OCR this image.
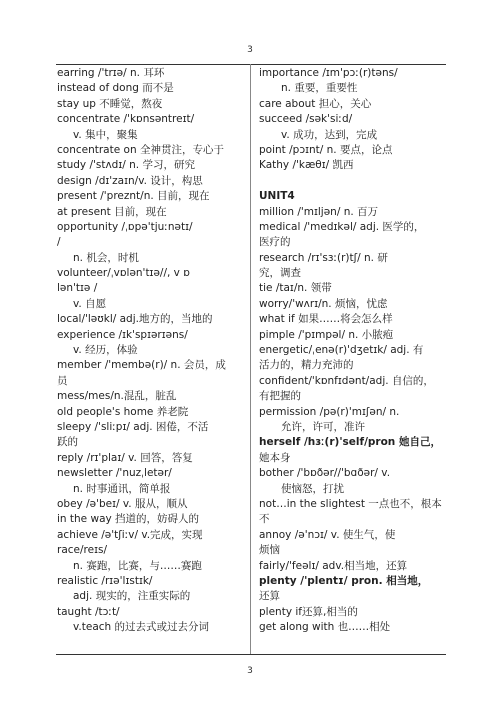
3
earring /'trɪə/ n. 耳环
instead of dong 而不是
stay up 不睡觉，熬夜
concentrate /'kɒnsəntreɪt/
v. 集中，聚集
concentrate on 全神贯注，专心于
study /'stʌdɪ/ n. 学习，研究
design /dɪ'zaɪn/v. 设计，构思
present /'preznt/n. 目前，现在
at present 目前，现在
opportunity /ˌɒpə'tjuːnətɪ/
/
n. 机会，时机
volunteer/ˌvɒlən'tɪə//, v ɒ
lən'tɪə /
v. 自愿
local/'ləʊkl/ adj.地方的，当地的
experience /ɪk'spɪərɪəns/
v. 经历，体验
member /'membə(r)/ n. 会员，成
员
mess/mes/n.混乱，脏乱
old people's home 养老院
sleepy /'sliːpɪ/ adj. 困倦，不活
跃的
reply /rɪ'plaɪ/ v. 回答，答复
newsletter /'nuzˌletər/
n. 时事通讯，简单报
obey /ə'beɪ/ v. 服从，顺从
in the way 挡道的，妨碍人的
achieve /ə'tʃiːv/ v.完成，实现
race/reɪs/
n. 赛跑，比赛，与……赛跑
realistic /rɪə'lɪstɪk/
adj. 现实的，注重实际的
taught /tɔːt/
v.teach 的过去式或过去分词
importance /ɪm'pɔː(r)təns/
n. 重要，重要性
care about 担心，关心
succeed /sək'siːd/
v. 成功，达到，完成
point /pɔɪnt/ n. 要点，论点
Kathy /'kæθɪ/ 凯西
UNIT4
million /'mɪljən/ n. 百万
medical /'medɪkəl/ adj. 医学的，
医疗的
research /rɪ'sɜː(r)tʃ/ n. 研
究，调查
tie /taɪ/n. 领带
worry/'wʌrɪ/n. 烦恼，忧虑
what if 如果……将会怎么样
pimple /'pɪmpəl/ n. 小脓疱
energetic/ˌenə(r)'dʒetɪk/ adj. 有
活力的，精力充沛的
confident/'kɒnfɪdənt/adj. 自信的，
有把握的
permission /pə(r)'mɪʃən/ n.
允许，许可，准许
herself /hɜː(r)'self/pron 她自己，
她本身
bother /'bɒðər//'bɑðər/ v.
使恼怒，打扰
not…in the slightest 一点也不，根本
不
annoy /ə'nɔɪ/ v. 使生气，使
烦恼
fairly/'feəlɪ/ adv.相当地，还算
plenty /'plentɪ/ pron. 相当地，
还算
plenty if还算,相当的
get along with 也……相处
3
